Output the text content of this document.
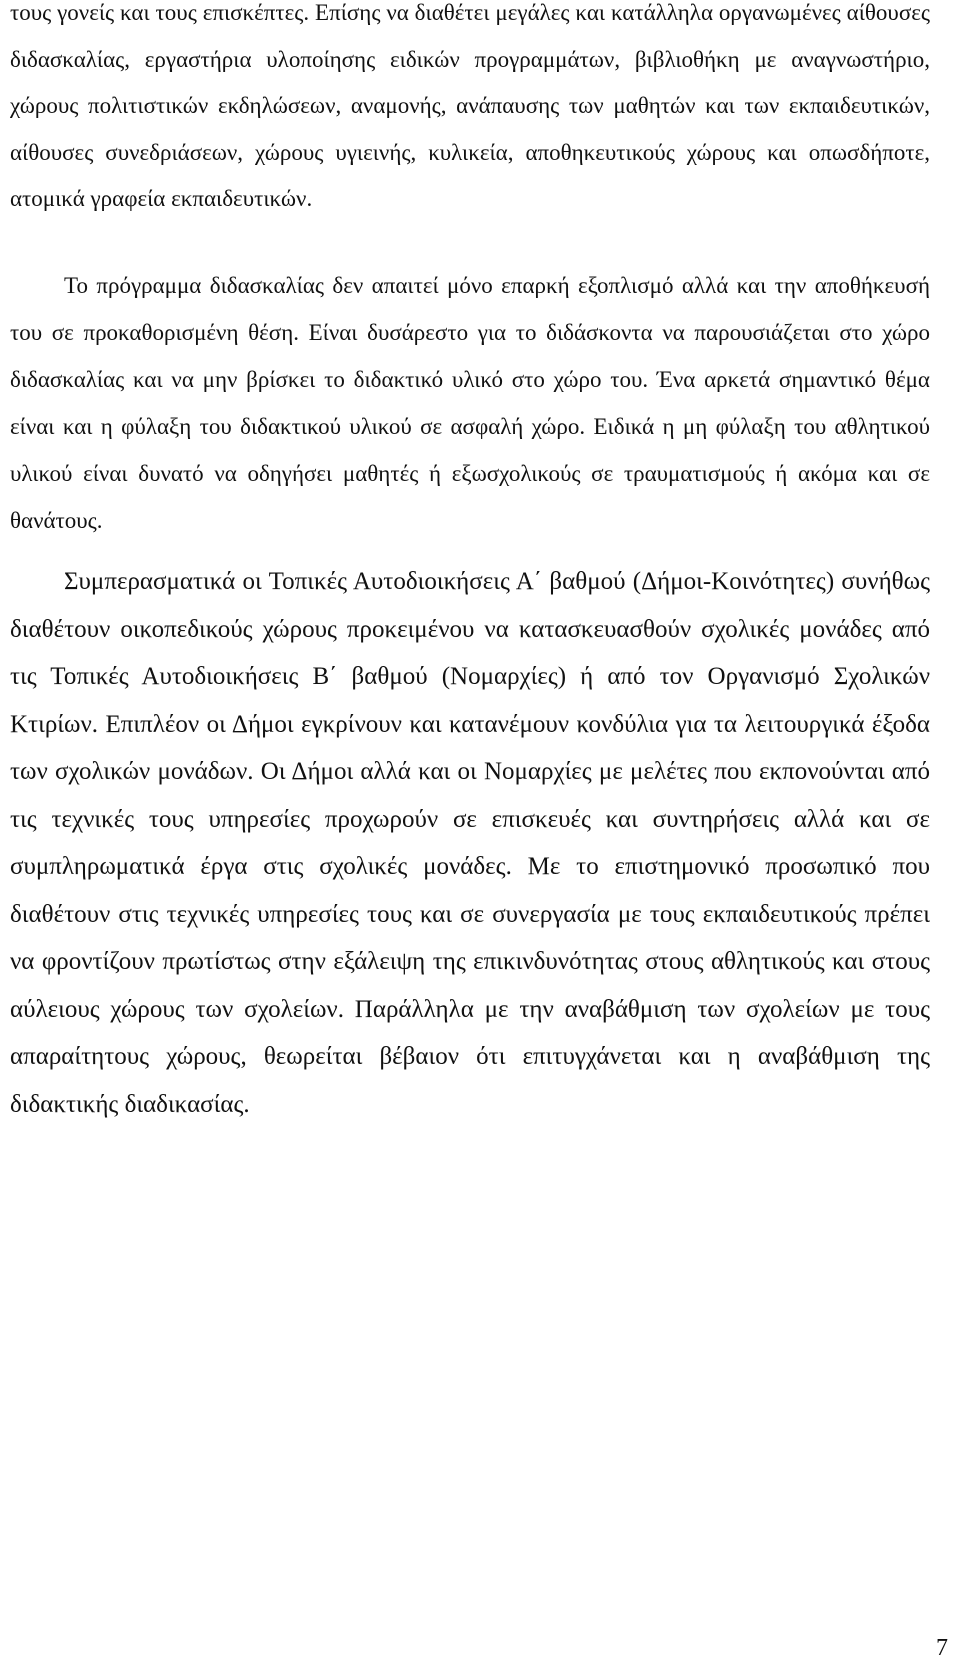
τους γονείς και τους επισκέπτες. Επίσης να διαθέτει μεγάλες και κατάλληλα οργανωμένες αίθουσες διδασκαλίας, εργαστήρια υλοποίησης ειδικών προγραμμάτων, βιβλιοθήκη με αναγνωστήριο, χώρους πολιτιστικών εκδηλώσεων, αναμονής, ανάπαυσης των μαθητών και των εκπαιδευτικών, αίθουσες συνεδριάσεων, χώρους υγιεινής, κυλικεία, αποθηκευτικούς χώρους και οπωσδήποτε, ατομικά γραφεία εκπαιδευτικών.

Το πρόγραμμα διδασκαλίας δεν απαιτεί μόνο επαρκή εξοπλισμό αλλά και την αποθήκευσή του σε προκαθορισμένη θέση. Είναι δυσάρεστο για το διδάσκοντα να παρουσιάζεται στο χώρο διδασκαλίας και να μην βρίσκει το διδακτικό υλικό στο χώρο του. Ένα αρκετά σημαντικό θέμα είναι και η φύλαξη του διδακτικού υλικού σε ασφαλή χώρο. Ειδικά η μη φύλαξη του αθλητικού υλικού είναι δυνατό να οδηγήσει μαθητές ή εξωσχολικούς σε τραυματισμούς ή ακόμα και σε θανάτους.

Συμπερασματικά οι Τοπικές Αυτοδιοικήσεις Α΄ βαθμού (Δήμοι-Κοινότητες) συνήθως διαθέτουν οικοπεδικούς χώρους προκειμένου να κατασκευασθούν σχολικές μονάδες από τις Τοπικές Αυτοδιοικήσεις Β΄ βαθμού (Νομαρχίες) ή από τον Οργανισμό Σχολικών Κτιρίων. Επιπλέον οι Δήμοι εγκρίνουν και κατανέμουν κονδύλια για τα λειτουργικά έξοδα των σχολικών μονάδων. Οι Δήμοι αλλά και οι Νομαρχίες με μελέτες που εκπονούνται από τις τεχνικές τους υπηρεσίες προχωρούν σε επισκευές και συντηρήσεις αλλά και σε συμπληρωματικά έργα στις σχολικές μονάδες. Με το επιστημονικό προσωπικό που διαθέτουν στις τεχνικές υπηρεσίες τους και σε συνεργασία με τους εκπαιδευτικούς πρέπει να φροντίζουν πρωτίστως στην εξάλειψη της επικινδυνότητας στους αθλητικούς και στους αύλειους χώρους των σχολείων. Παράλληλα με την αναβάθμιση των σχολείων με τους απαραίτητους χώρους, θεωρείται βέβαιον ότι επιτυγχάνεται και η αναβάθμιση της διδακτικής διαδικασίας.

7
